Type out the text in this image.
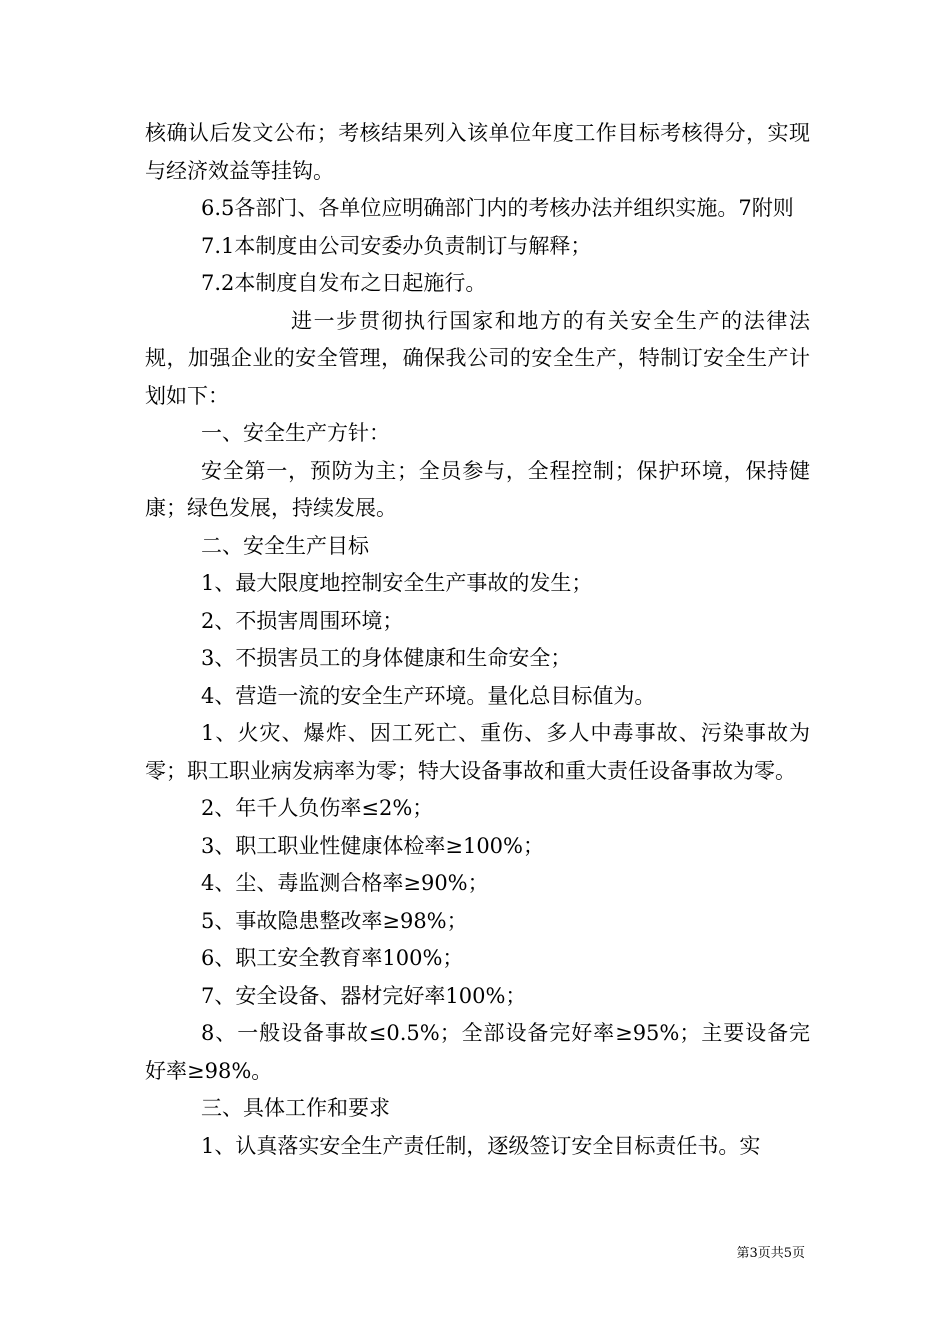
核确认后发文公布；考核结果列入该单位年度工作目标考核得分，实现与经济效益等挂钩。

6.5各部门、各单位应明确部门内的考核办法并组织实施。7附则

7.1本制度由公司安委办负责制订与解释；

7.2本制度自发布之日起施行。

进一步贯彻执行国家和地方的有关安全生产的法律法规，加强企业的安全管理，确保我公司的安全生产，特制订安全生产计划如下：

一、安全生产方针：

安全第一，预防为主；全员参与，全程控制；保护环境，保持健康；绿色发展，持续发展。

二、安全生产目标

1、最大限度地控制安全生产事故的发生；

2、不损害周围环境；

3、不损害员工的身体健康和生命安全；

4、营造一流的安全生产环境。量化总目标值为。

1、火灾、爆炸、因工死亡、重伤、多人中毒事故、污染事故为零；职工职业病发病率为零；特大设备事故和重大责任设备事故为零。

2、年千人负伤率≤2%；

3、职工职业性健康体检率≥100%；

4、尘、毒监测合格率≥90%；

5、事故隐患整改率≥98%；

6、职工安全教育率100%；

7、安全设备、器材完好率100%；

8、一般设备事故≤0.5%；全部设备完好率≥95%；主要设备完好率≥98%。

三、具体工作和要求

1、认真落实安全生产责任制，逐级签订安全目标责任书。实

第3页共5页
